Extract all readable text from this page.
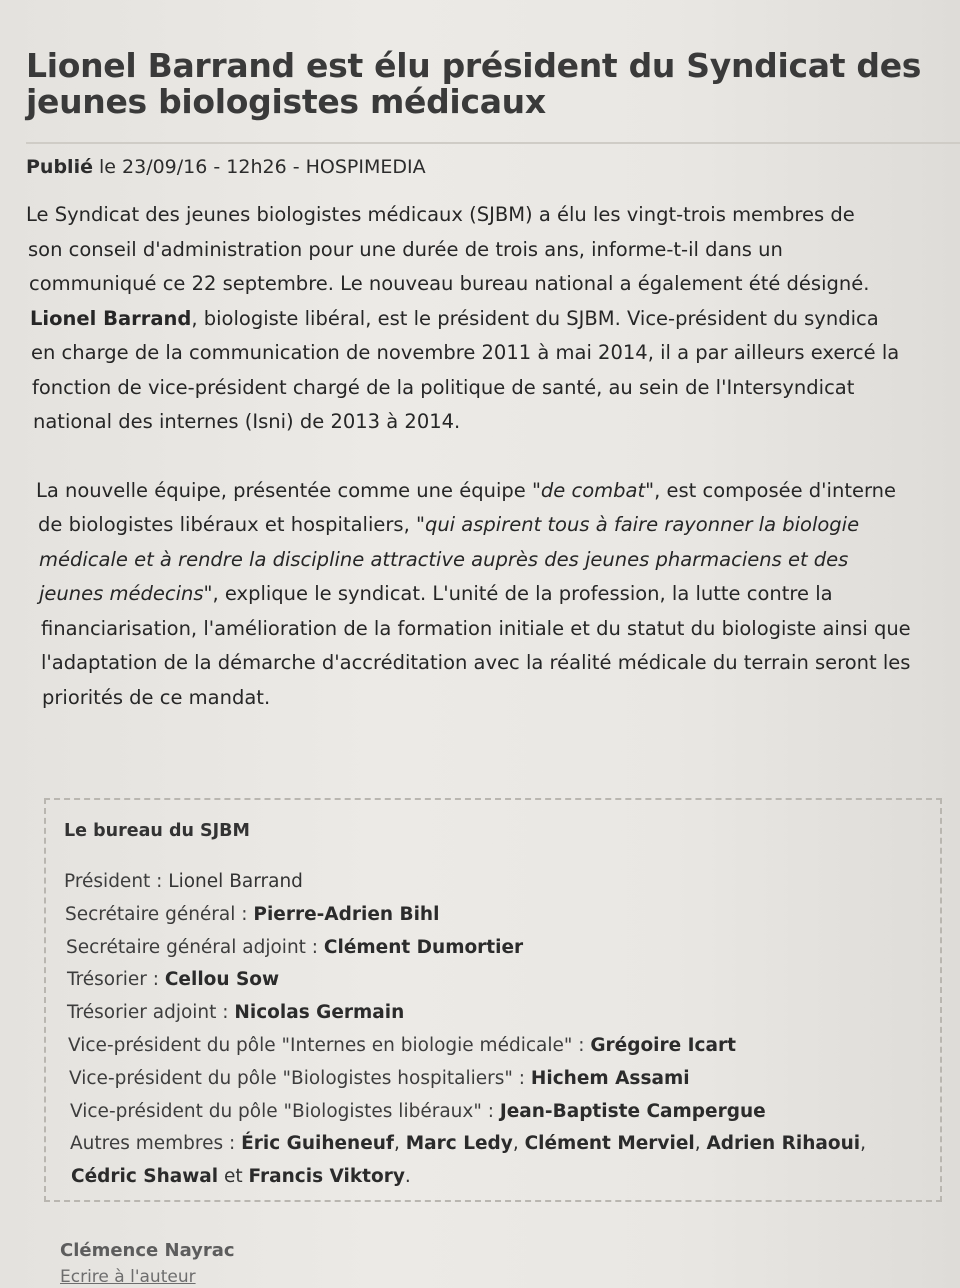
Lionel Barrand est élu président du Syndicat des jeunes biologistes médicaux
Publié le 23/09/16 - 12h26 - HOSPIMEDIA

Le Syndicat des jeunes biologistes médicaux (SJBM) a élu les vingt-trois membres de
son conseil d'administration pour une durée de trois ans, informe-t-il dans un
communiqué ce 22 septembre. Le nouveau bureau national a également été désigné.
Lionel Barrand, biologiste libéral, est le président du SJBM. Vice-président du syndica
en charge de la communication de novembre 2011 à mai 2014, il a par ailleurs exercé la
fonction de vice-président chargé de la politique de santé, au sein de l'Intersyndicat
national des internes (Isni) de 2013 à 2014.

La nouvelle équipe, présentée comme une équipe "de combat", est composée d'interne
de biologistes libéraux et hospitaliers, "qui aspirent tous à faire rayonner la biologie
médicale et à rendre la discipline attractive auprès des jeunes pharmaciens et des
jeunes médecins", explique le syndicat. L'unité de la profession, la lutte contre la
financiarisation, l'amélioration de la formation initiale et du statut du biologiste ainsi que
l'adaptation de la démarche d'accréditation avec la réalité médicale du terrain seront les
priorités de ce mandat.

Le bureau du SJBM
Président : Lionel Barrand
Secrétaire général : Pierre-Adrien Bihl
Secrétaire général adjoint : Clément Dumortier
Trésorier : Cellou Sow
Trésorier adjoint : Nicolas Germain
Vice-président du pôle "Internes en biologie médicale" : Grégoire Icart
Vice-président du pôle "Biologistes hospitaliers" : Hichem Assami
Vice-président du pôle "Biologistes libéraux" : Jean-Baptiste Campergue
Autres membres : Éric Guiheneuf, Marc Ledy, Clément Merviel, Adrien Rihaoui,
Cédric Shawal et Francis Viktory.
Clémence Nayrac
Ecrire à l'auteur
